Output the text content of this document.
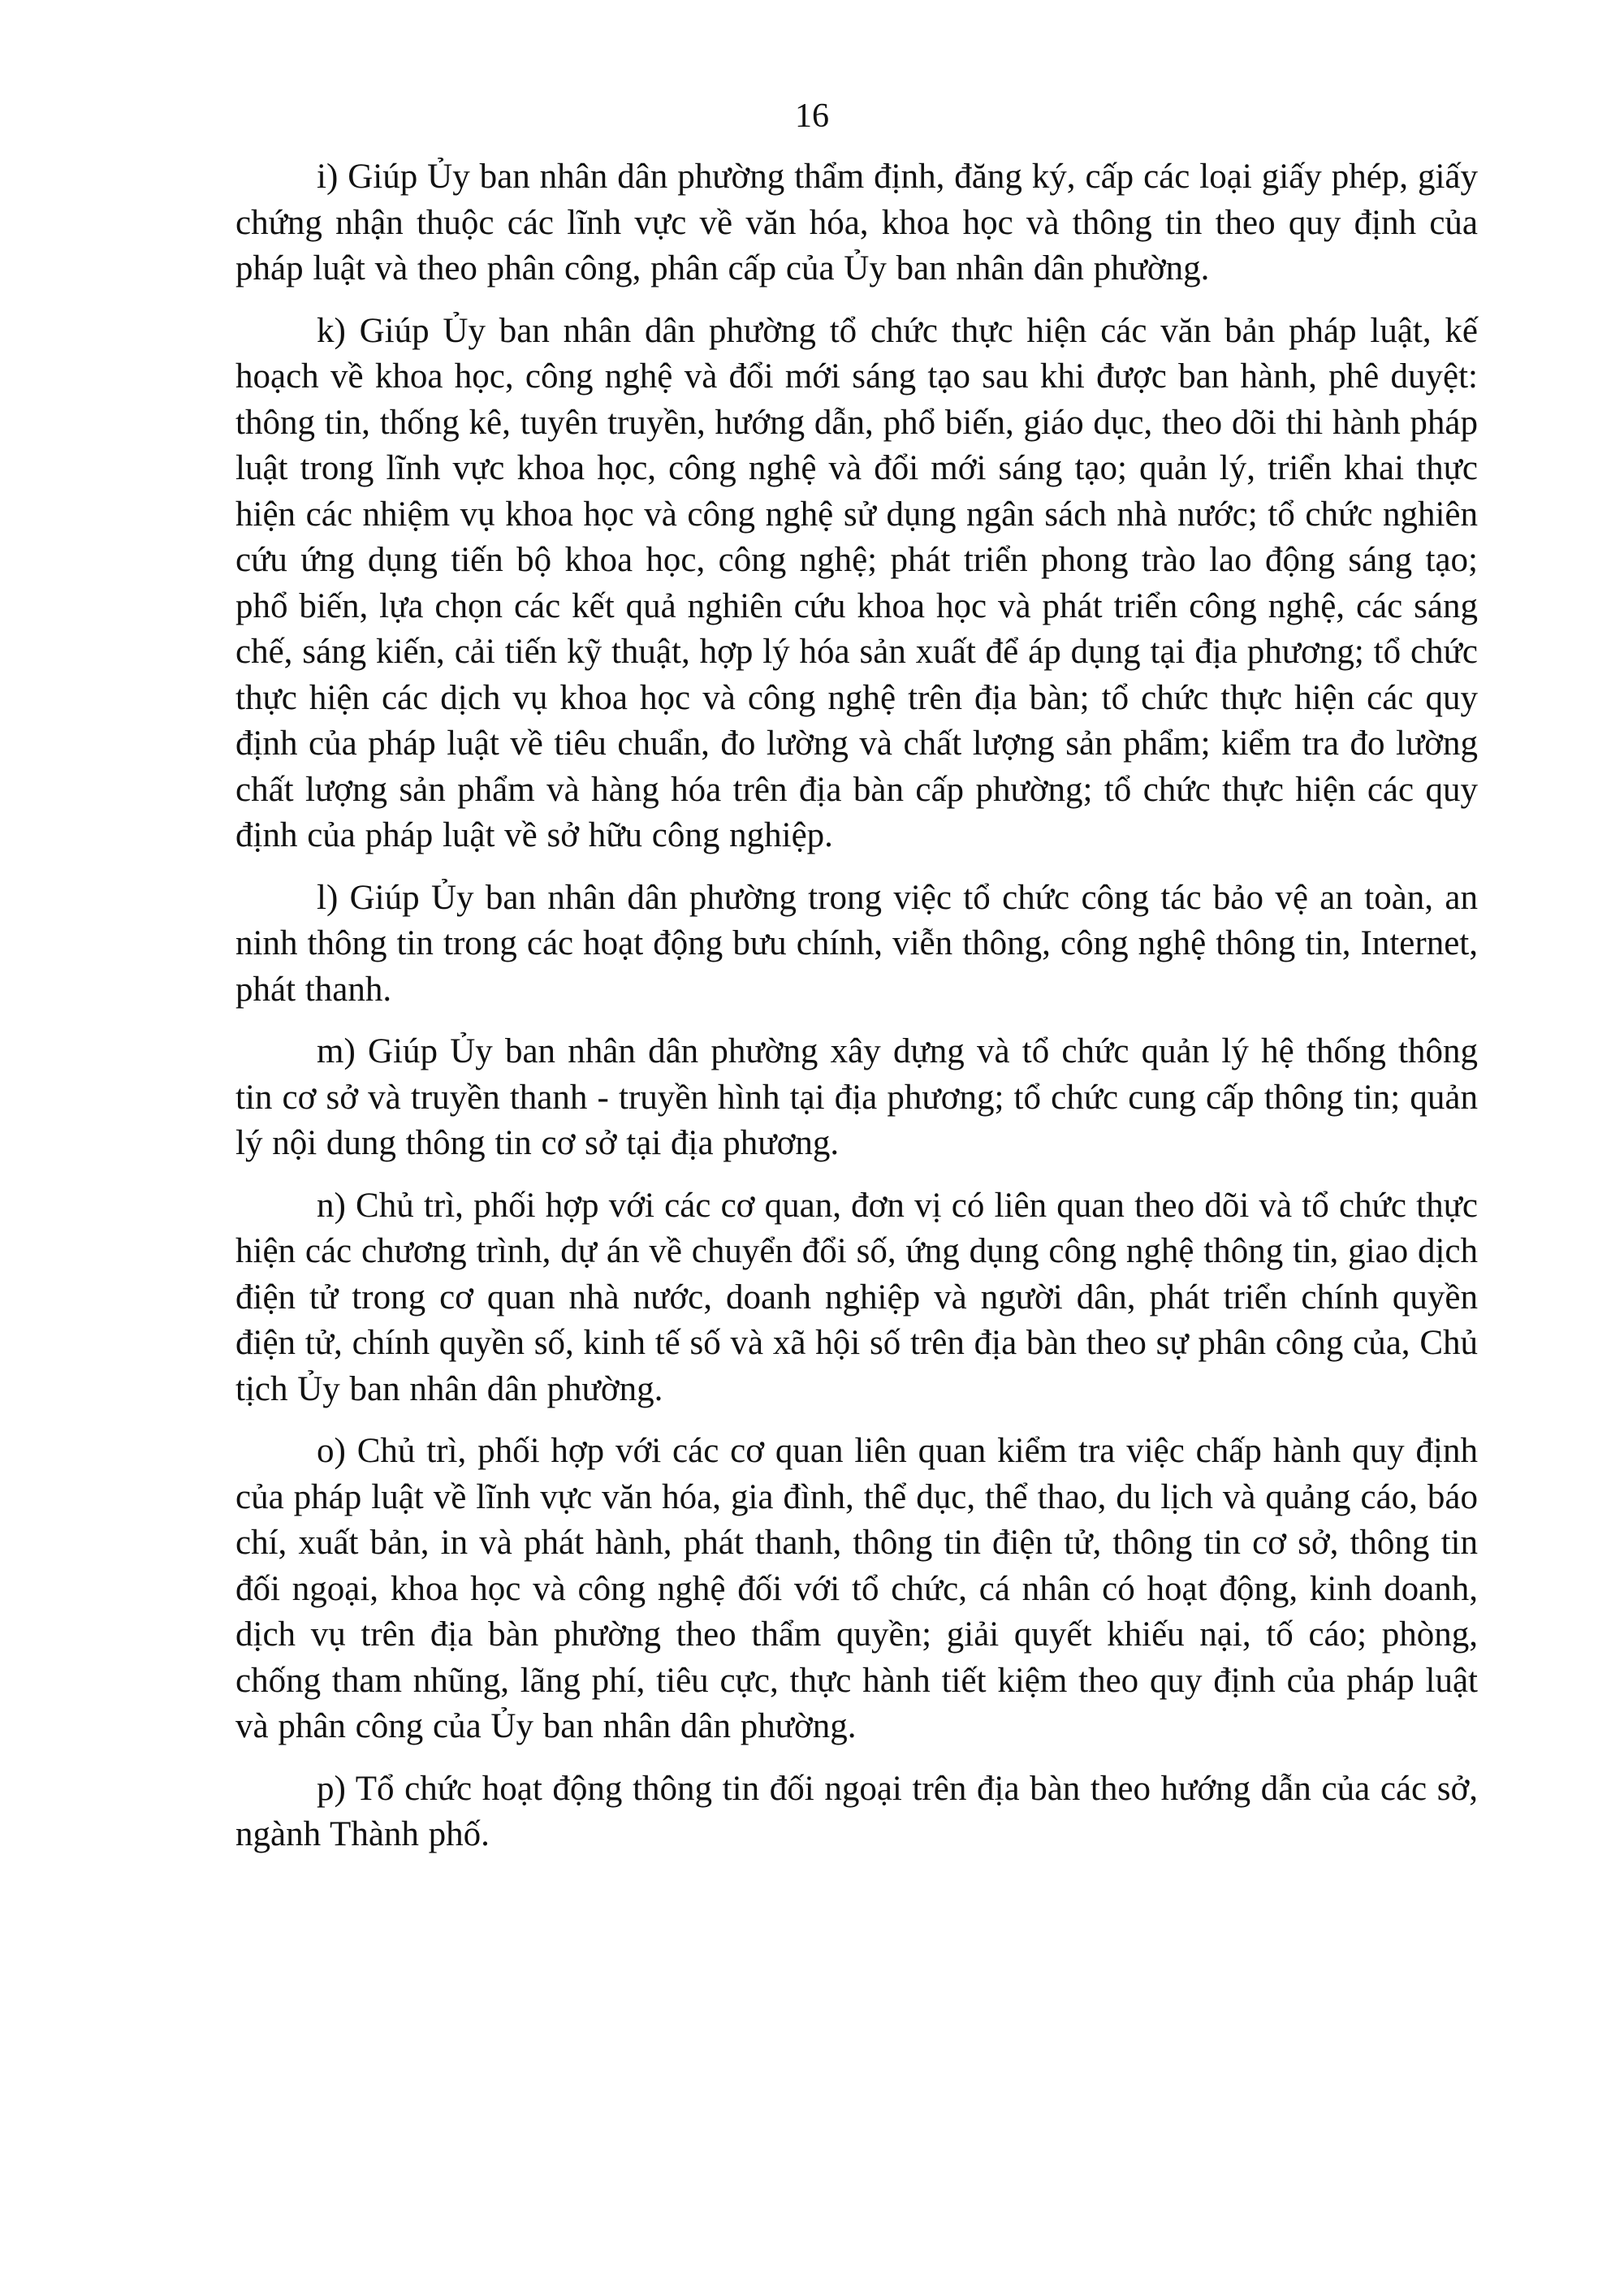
16

i) Giúp Ủy ban nhân dân phường thẩm định, đăng ký, cấp các loại giấy phép, giấy chứng nhận thuộc các lĩnh vực về văn hóa, khoa học và thông tin theo quy định của pháp luật và theo phân công, phân cấp của Ủy ban nhân dân phường.

k) Giúp Ủy ban nhân dân phường tổ chức thực hiện các văn bản pháp luật, kế hoạch về khoa học, công nghệ và đổi mới sáng tạo sau khi được ban hành, phê duyệt: thông tin, thống kê, tuyên truyền, hướng dẫn, phổ biến, giáo dục, theo dõi thi hành pháp luật trong lĩnh vực khoa học, công nghệ và đổi mới sáng tạo; quản lý, triển khai thực hiện các nhiệm vụ khoa học và công nghệ sử dụng ngân sách nhà nước; tổ chức nghiên cứu ứng dụng tiến bộ khoa học, công nghệ; phát triển phong trào lao động sáng tạo; phổ biến, lựa chọn các kết quả nghiên cứu khoa học và phát triển công nghệ, các sáng chế, sáng kiến, cải tiến kỹ thuật, hợp lý hóa sản xuất để áp dụng tại địa phương; tổ chức thực hiện các dịch vụ khoa học và công nghệ trên địa bàn; tổ chức thực hiện các quy định của pháp luật về tiêu chuẩn, đo lường và chất lượng sản phẩm; kiểm tra đo lường chất lượng sản phẩm và hàng hóa trên địa bàn cấp phường; tổ chức thực hiện các quy định của pháp luật về sở hữu công nghiệp.

l) Giúp Ủy ban nhân dân phường trong việc tổ chức công tác bảo vệ an toàn, an ninh thông tin trong các hoạt động bưu chính, viễn thông, công nghệ thông tin, Internet, phát thanh.

m) Giúp Ủy ban nhân dân phường xây dựng và tổ chức quản lý hệ thống thông tin cơ sở và truyền thanh - truyền hình tại địa phương; tổ chức cung cấp thông tin; quản lý nội dung thông tin cơ sở tại địa phương.

n) Chủ trì, phối hợp với các cơ quan, đơn vị có liên quan theo dõi và tổ chức thực hiện các chương trình, dự án về chuyển đổi số, ứng dụng công nghệ thông tin, giao dịch điện tử trong cơ quan nhà nước, doanh nghiệp và người dân, phát triển chính quyền điện tử, chính quyền số, kinh tế số và xã hội số trên địa bàn theo sự phân công của, Chủ tịch Ủy ban nhân dân phường.

o) Chủ trì, phối hợp với các cơ quan liên quan kiểm tra việc chấp hành quy định của pháp luật về lĩnh vực văn hóa, gia đình, thể dục, thể thao, du lịch và quảng cáo, báo chí, xuất bản, in và phát hành, phát thanh, thông tin điện tử, thông tin cơ sở, thông tin đối ngoại, khoa học và công nghệ đối với tổ chức, cá nhân có hoạt động, kinh doanh, dịch vụ trên địa bàn phường theo thẩm quyền; giải quyết khiếu nại, tố cáo; phòng, chống tham nhũng, lãng phí, tiêu cực, thực hành tiết kiệm theo quy định của pháp luật và phân công của Ủy ban nhân dân phường.

p) Tổ chức hoạt động thông tin đối ngoại trên địa bàn theo hướng dẫn của các sở, ngành Thành phố.
